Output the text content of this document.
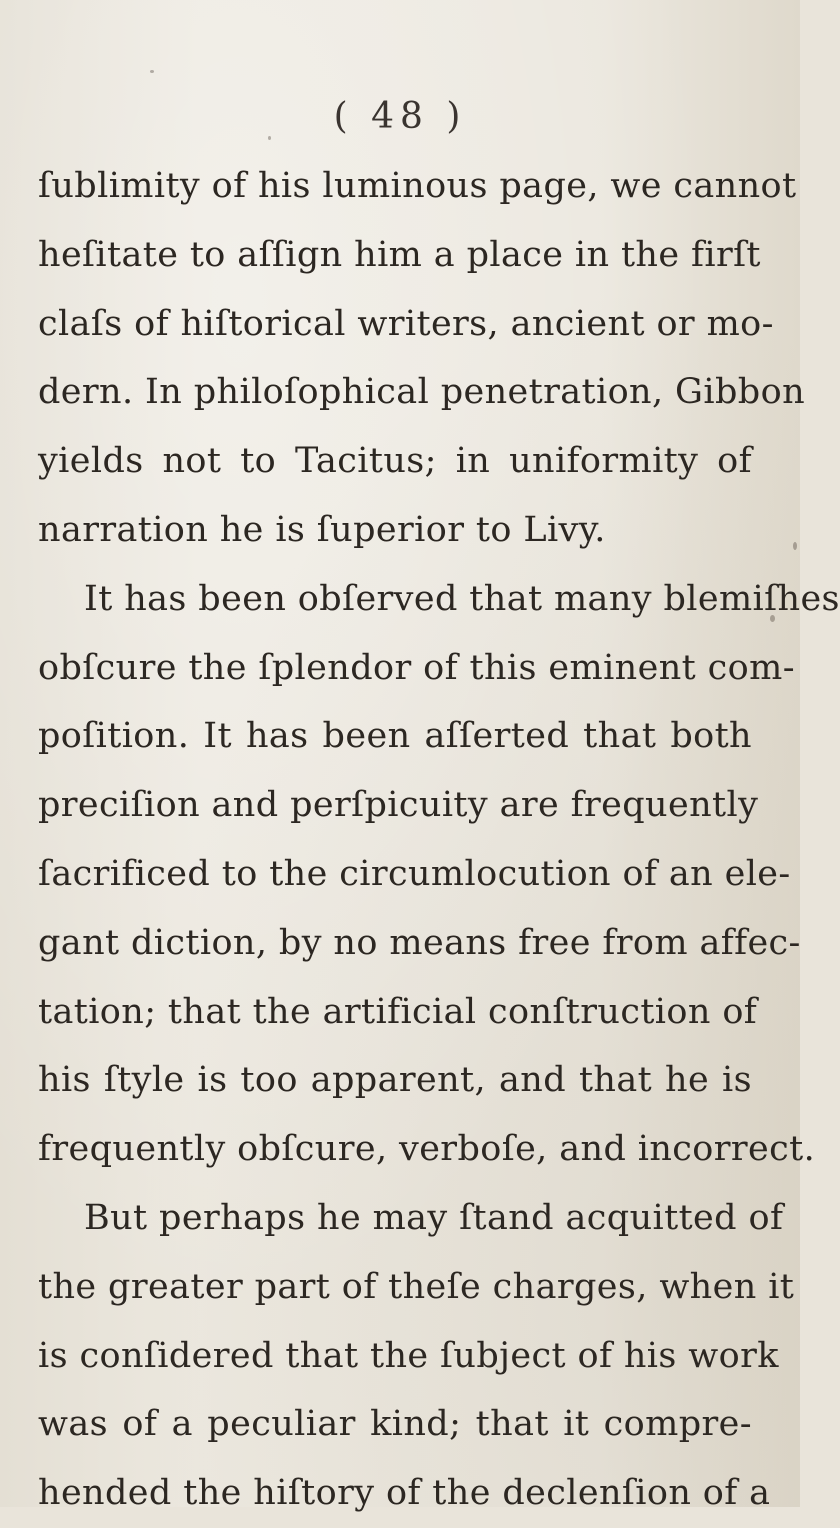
( 48 )
ſublimity of his luminous page, we cannot
heſitate to aſſign him a place in the firſt
claſs of hiſtorical writers, ancient or mo-
dern. In philoſophical penetration, Gibbon
yields not to Tacitus; in uniformity of
narration he is ſuperior to Livy.
It has been obſerved that many blemiſhes
obſcure the ſplendor of this eminent com-
poſition. It has been aſſerted that both
preciſion and perſpicuity are frequently
ſacrificed to the circumlocution of an ele-
gant diction, by no means free from affec-
tation; that the artificial conſtruction of
his ſtyle is too apparent, and that he is
frequently obſcure, verboſe, and incorrect.
But perhaps he may ſtand acquitted of
the greater part of theſe charges, when it
is conſidered that the ſubject of his work
was of a peculiar kind; that it compre-
hended the hiſtory of the declenſion of a
